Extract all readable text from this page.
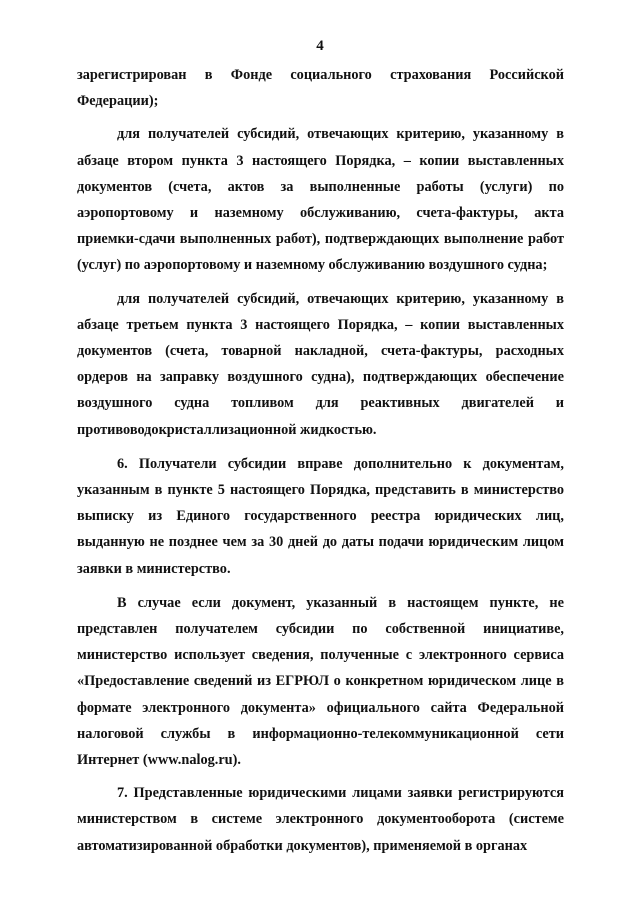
4

зарегистрирован в Фонде социального страхования Российской Федерации);

для получателей субсидий, отвечающих критерию, указанному в абзаце втором пункта 3 настоящего Порядка, – копии выставленных документов (счета, актов за выполненные работы (услуги) по аэропортовому и наземному обслуживанию, счета-фактуры, акта приемки-сдачи выполненных работ), подтверждающих выполнение работ (услуг) по аэропортовому и наземному обслуживанию воздушного судна;

для получателей субсидий, отвечающих критерию, указанному в абзаце третьем пункта 3 настоящего Порядка, – копии выставленных документов (счета, товарной накладной, счета-фактуры, расходных ордеров на заправку воздушного судна), подтверждающих обеспечение воздушного судна топливом для реактивных двигателей и противоводокристаллизационной жидкостью.

6. Получатели субсидии вправе дополнительно к документам, указанным в пункте 5 настоящего Порядка, представить в министерство выписку из Единого государственного реестра юридических лиц, выданную не позднее чем за 30 дней до даты подачи юридическим лицом заявки в министерство.

В случае если документ, указанный в настоящем пункте, не представлен получателем субсидии по собственной инициативе, министерство использует сведения, полученные с электронного сервиса «Предоставление сведений из ЕГРЮЛ о конкретном юридическом лице в формате электронного документа» официального сайта Федеральной налоговой службы в информационно-телекоммуникационной сети Интернет (www.nalog.ru).

7. Представленные юридическими лицами заявки регистрируются министерством в системе электронного документооборота (системе автоматизированной обработки документов), применяемой в органах
